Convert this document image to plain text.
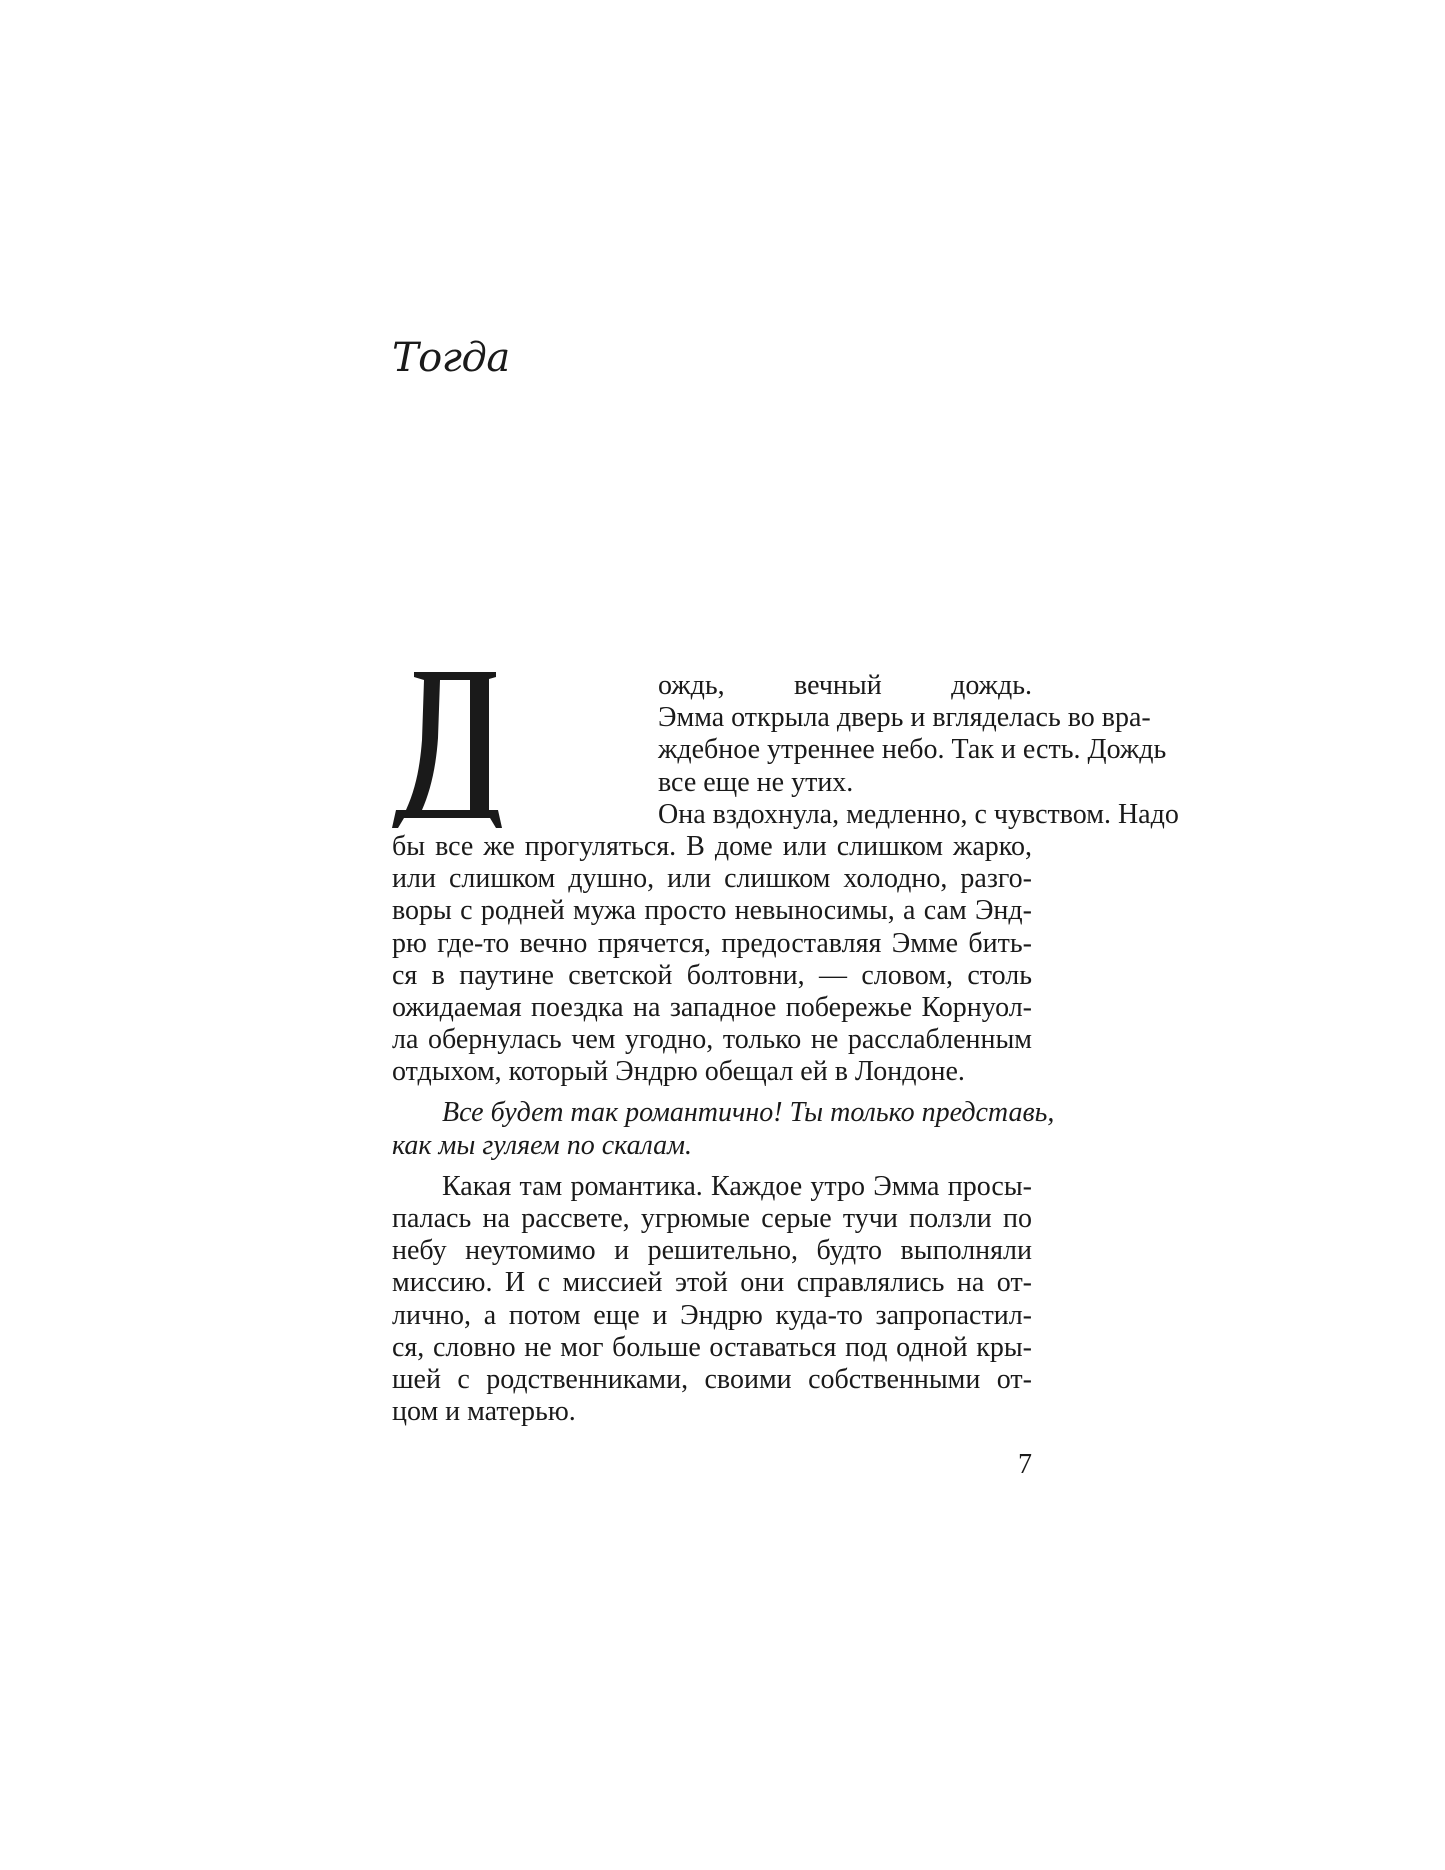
Тогда
ождь, вечный дождь.
Эмма открыла дверь и вгляделась во вра-
ждебное утреннее небо. Так и есть. Дождь
все еще не утих.
Она вздохнула, медленно, с чувством. Надо
бы все же прогуляться. В доме или слишком жарко,
или слишком душно, или слишком холодно, разго-
воры с родней мужа просто невыносимы, а сам Энд-
рю где-то вечно прячется, предоставляя Эмме бить-
ся в паутине светской болтовни, — словом, столь
ожидаемая поездка на западное побережье Корнуол-
ла обернулась чем угодно, только не расслабленным
отдыхом, который Эндрю обещал ей в Лондоне.
Все будет так романтично! Ты только представь,
как мы гуляем по скалам.
Какая там романтика. Каждое утро Эмма просы-
палась на рассвете, угрюмые серые тучи ползли по
небу неутомимо и решительно, будто выполняли
миссию. И с миссией этой они справлялись на от-
лично, а потом еще и Эндрю куда-то запропастил-
ся, словно не мог больше оставаться под одной кры-
шей с родственниками, своими собственными от-
цом и матерью.

7
